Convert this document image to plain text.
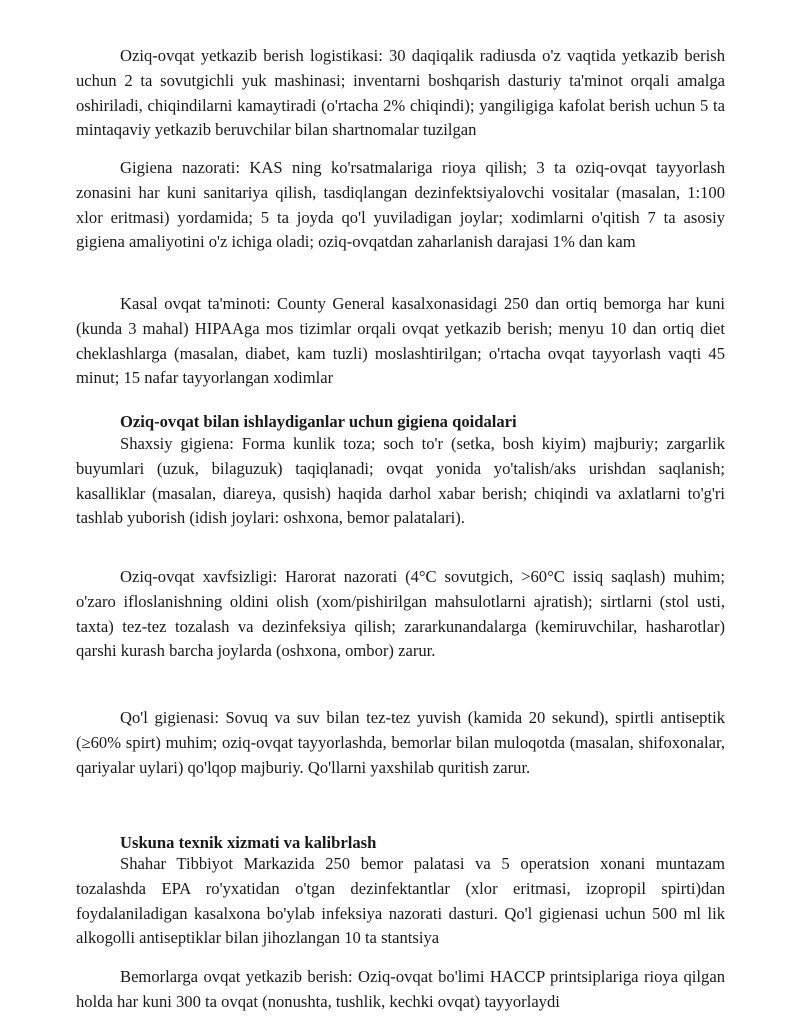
Oziq-ovqat yetkazib berish logistikasi: 30 daqiqalik radiusda o'z vaqtida yetkazib berish uchun 2 ta sovutgichli yuk mashinasi; inventarni boshqarish dasturiy ta'minot orqali amalga oshiriladi, chiqindilarni kamaytiradi (o'rtacha 2% chiqindi); yangiligiga kafolat berish uchun 5 ta mintaqaviy yetkazib beruvchilar bilan shartnomalar tuzilgan

Gigiena nazorati: KAS ning ko'rsatmalariga rioya qilish; 3 ta oziq-ovqat tayyorlash zonasini har kuni sanitariya qilish, tasdiqlangan dezinfektsiyalovchi vositalar (masalan, 1:100 xlor eritmasi) yordamida; 5 ta joyda qo'l yuviladigan joylar; xodimlarni o'qitish 7 ta asosiy gigiena amaliyotini o'z ichiga oladi; oziq-ovqatdan zaharlanish darajasi 1% dan kam

Kasal ovqat ta'minoti: County General kasalxonasidagi 250 dan ortiq bemorga har kuni (kunda 3 mahal) HIPAAga mos tizimlar orqali ovqat yetkazib berish; menyu 10 dan ortiq diet cheklashlarga (masalan, diabet, kam tuzli) moslashtirilgan; o'rtacha ovqat tayyorlash vaqti 45 minut; 15 nafar tayyorlangan xodimlar

Oziq-ovqat bilan ishlaydiganlar uchun gigiena qoidalari

Shaxsiy gigiena: Forma kunlik toza; soch to'r (setka, bosh kiyim) majburiy; zargarlik buyumlari (uzuk, bilaguzuk) taqiqlanadi; ovqat yonida yo'talish/aks urishdan saqlanish; kasalliklar (masalan, diareya, qusish) haqida darhol xabar berish; chiqindi va axlatlarni to'g'ri tashlab yuborish (idish joylari: oshxona, bemor palatalari).

Oziq-ovqat xavfsizligi: Harorat nazorati (4°C sovutgich, >60°C issiq saqlash) muhim; o'zaro ifloslanishning oldini olish (xom/pishirilgan mahsulotlarni ajratish); sirtlarni (stol usti, taxta) tez-tez tozalash va dezinfeksiya qilish; zararkunandalarga (kemiruvchilar, hasharotlar) qarshi kurash barcha joylarda (oshxona, ombor) zarur.

Qo'l gigienasi: Sovuq va suv bilan tez-tez yuvish (kamida 20 sekund), spirtli antiseptik (≥60% spirt) muhim; oziq-ovqat tayyorlashda, bemorlar bilan muloqotda (masalan, shifoxonalar, qariyalar uylari) qo'lqop majburiy. Qo'llarni yaxshilab quritish zarur.

Uskuna texnik xizmati va kalibrlash

Shahar Tibbiyot Markazida 250 bemor palatasi va 5 operatsion xonani muntazam tozalashda EPA ro'yxatidan o'tgan dezinfektantlar (xlor eritmasi, izopropil spirti)dan foydalaniladigan kasalxona bo'ylab infeksiya nazorati dasturi. Qo'l gigienasi uchun 500 ml lik alkogolli antiseptiklar bilan jihozlangan 10 ta stantsiya

Bemorlarga ovqat yetkazib berish: Oziq-ovqat bo'limi HACCP printsiplariga rioya qilgan holda har kuni 300 ta ovqat (nonushta, tushlik, kechki ovqat) tayyorlaydi
